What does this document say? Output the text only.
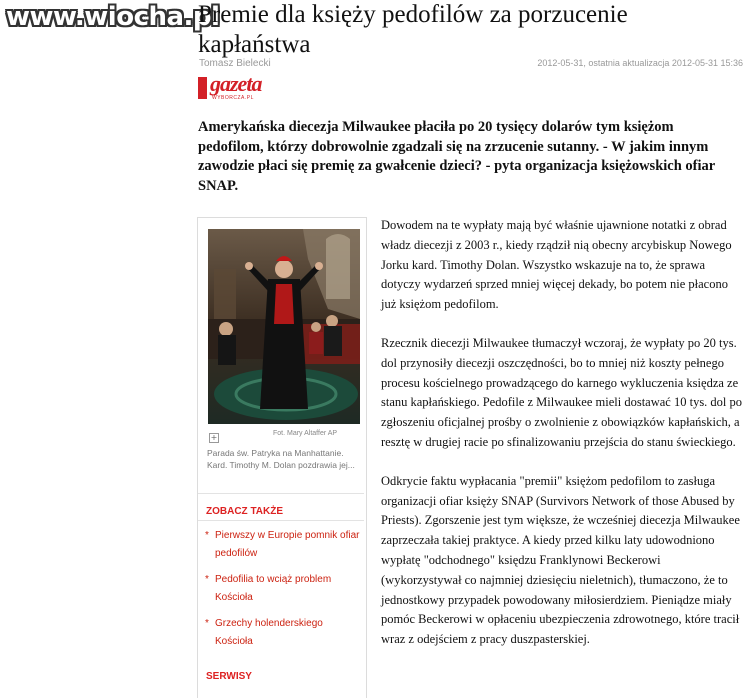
www.wiocha.pl
Premie dla księży pedofilów za porzucenie kapłaństwa
Tomasz Bielecki	2012-05-31, ostatnia aktualizacja 2012-05-31 15:36
gazeta
WYBORCZA.PL

Amerykańska diecezja Milwaukee płaciła po 20 tysięcy dolarów tym księżom pedofilom, którzy dobrowolnie zgadzali się na zrzucenie sutanny. - W jakim innym zawodzie płaci się premię za gwałcenie dzieci? - pyta organizacja księżowskich ofiar SNAP.

+	Fot. Mary Altaffer AP
Parada św. Patryka na Manhattanie. Kard. Timothy M. Dolan pozdrawia jej...
ZOBACZ TAKŻE
* Pierwszy w Europie pomnik ofiar pedofilów
* Pedofilia to wciąż problem Kościoła
* Grzechy holenderskiego Kościoła
SERWISY

Dowodem na te wypłaty mają być właśnie ujawnione notatki z obrad władz diecezji z 2003 r., kiedy rządził nią obecny arcybiskup Nowego Jorku kard. Timothy Dolan. Wszystko wskazuje na to, że sprawa dotyczy wydarzeń sprzed mniej więcej dekady, bo potem nie płacono już księżom pedofilom.

Rzecznik diecezji Milwaukee tłumaczył wczoraj, że wypłaty po 20 tys. dol przynosiły diecezji oszczędności, bo to mniej niż koszty pełnego procesu kościelnego prowadzącego do karnego wykluczenia księdza ze stanu kapłańskiego. Pedofile z Milwaukee mieli dostawać 10 tys. dol po zgłoszeniu oficjalnej prośby o zwolnienie z obowiązków kapłańskich, a resztę w drugiej racie po sfinalizowaniu przejścia do stanu świeckiego.

Odkrycie faktu wypłacania "premii" księżom pedofilom to zasługa organizacji ofiar księży SNAP (Survivors Network of those Abused by Priests). Zgorszenie jest tym większe, że wcześniej diecezja Milwaukee zaprzeczała takiej praktyce. A kiedy przed kilku laty udowodniono wypłatę "odchodnego" księdzu Franklynowi Beckerowi (wykorzystywał co najmniej dziesięciu nieletnich), tłumaczono, że to jednostkowy przypadek powodowany miłosierdziem. Pieniądze miały pomóc Beckerowi w opłaceniu ubezpieczenia zdrowotnego, które tracił wraz z odejściem z pracy duszpasterskiej.
